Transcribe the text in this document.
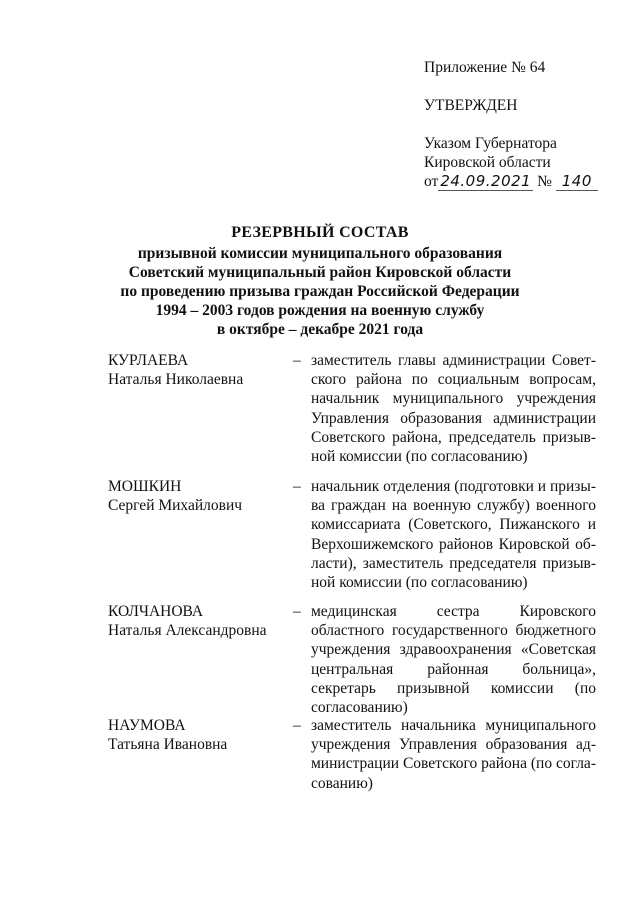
Приложение № 64
УТВЕРЖДЕН
Указом Губернатора
Кировской области
от 24.09.2021 № 140
РЕЗЕРВНЫЙ СОСТАВ
призывной комиссии муниципального образования
Советский муниципальный район Кировской области
по проведению призыва граждан Российской Федерации
1994 – 2003 годов рождения на военную службу
в октябре – декабре 2021 года
КУРЛАЕВА
Наталья Николаевна
– заместитель главы администрации Советского района по социальным вопросам, начальник муниципального учреждения Управления образования администрации Советского района, председатель призывной комиссии (по согласованию)
МОШКИН
Сергей Михайлович
– начальник отделения (подготовки и призыва граждан на военную службу) военного комиссариата (Советского, Пижанского и Верхошижемского районов Кировской области), заместитель председателя призывной комиссии (по согласованию)
КОЛЧАНОВА
Наталья Александровна
– медицинская сестра Кировского областного государственного бюджетного учреждения здравоохранения «Советская центральная районная больница», секретарь призывной комиссии (по согласованию)
НАУМОВА
Татьяна Ивановна
– заместитель начальника муниципального учреждения Управления образования администрации Советского района (по согласованию)
